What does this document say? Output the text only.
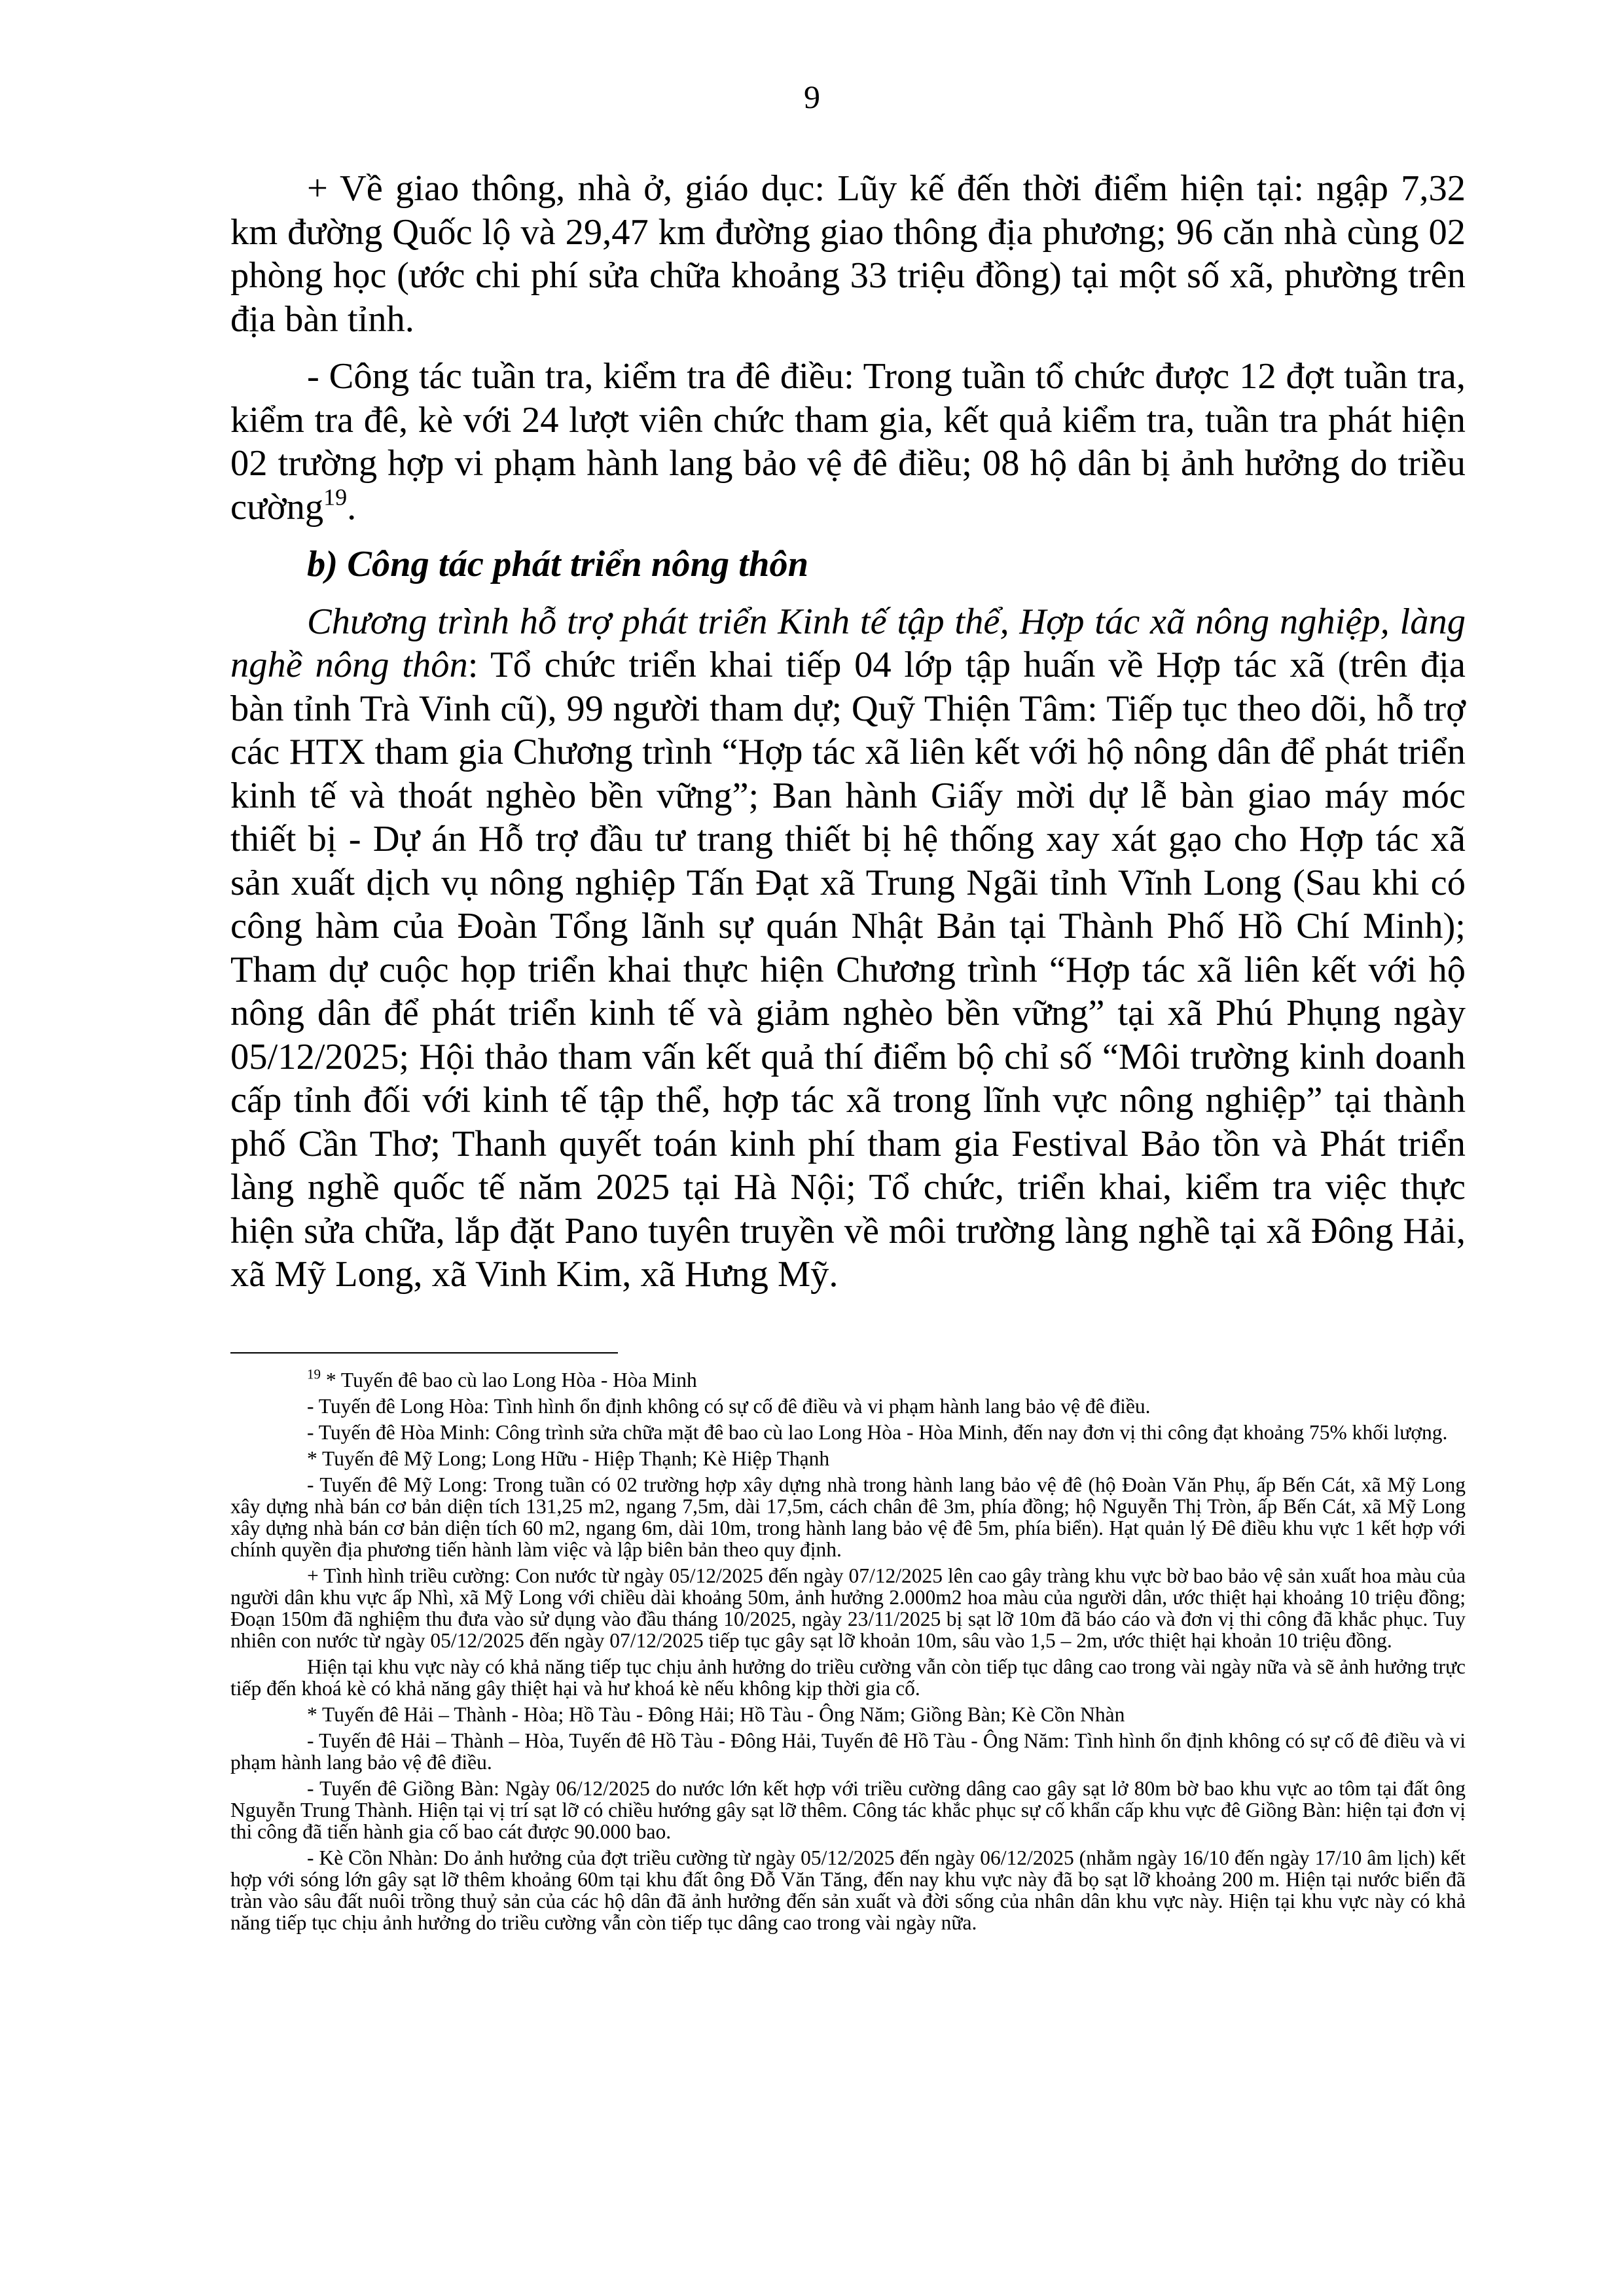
9

+ Về giao thông, nhà ở, giáo dục: Lũy kế đến thời điểm hiện tại: ngập 7,32 km đường Quốc lộ và 29,47 km đường giao thông địa phương; 96 căn nhà cùng 02 phòng học (ước chi phí sửa chữa khoảng 33 triệu đồng) tại một số xã, phường trên địa bàn tỉnh.

- Công tác tuần tra, kiểm tra đê điều: Trong tuần tổ chức được 12 đợt tuần tra, kiểm tra đê, kè với 24 lượt viên chức tham gia, kết quả kiểm tra, tuần tra phát hiện 02 trường hợp vi phạm hành lang bảo vệ đê điều; 08 hộ dân bị ảnh hưởng do triều cường$^{19}$.

b) Công tác phát triển nông thôn

Chương trình hỗ trợ phát triển Kinh tế tập thể, Hợp tác xã nông nghiệp, làng nghề nông thôn: Tổ chức triển khai tiếp 04 lớp tập huấn về Hợp tác xã (trên địa bàn tỉnh Trà Vinh cũ), 99 người tham dự; Quỹ Thiện Tâm: Tiếp tục theo dõi, hỗ trợ các HTX tham gia Chương trình “Hợp tác xã liên kết với hộ nông dân để phát triển kinh tế và thoát nghèo bền vững”; Ban hành Giấy mời dự lễ bàn giao máy móc thiết bị - Dự án Hỗ trợ đầu tư trang thiết bị hệ thống xay xát gạo cho Hợp tác xã sản xuất dịch vụ nông nghiệp Tấn Đạt xã Trung Ngãi tỉnh Vĩnh Long (Sau khi có công hàm của Đoàn Tổng lãnh sự quán Nhật Bản tại Thành Phố Hồ Chí Minh); Tham dự cuộc họp triển khai thực hiện Chương trình “Hợp tác xã liên kết với hộ nông dân để phát triển kinh tế và giảm nghèo bền vững” tại xã Phú Phụng ngày 05/12/2025; Hội thảo tham vấn kết quả thí điểm bộ chỉ số “Môi trường kinh doanh cấp tỉnh đối với kinh tế tập thể, hợp tác xã trong lĩnh vực nông nghiệp” tại thành phố Cần Thơ; Thanh quyết toán kinh phí tham gia Festival Bảo tồn và Phát triển làng nghề quốc tế năm 2025 tại Hà Nội; Tổ chức, triển khai, kiểm tra việc thực hiện sửa chữa, lắp đặt Pano tuyên truyền về môi trường làng nghề tại xã Đông Hải, xã Mỹ Long, xã Vinh Kim, xã Hưng Mỹ.

$^{19}$ * Tuyến đê bao cù lao Long Hòa - Hòa Minh

- Tuyến đê Long Hòa: Tình hình ổn định không có sự cố đê điều và vi phạm hành lang bảo vệ đê điều.

- Tuyến đê Hòa Minh: Công trình sửa chữa mặt đê bao cù lao Long Hòa - Hòa Minh, đến nay đơn vị thi công đạt khoảng 75% khối lượng.

* Tuyến đê Mỹ Long; Long Hữu - Hiệp Thạnh; Kè Hiệp Thạnh

- Tuyến đê Mỹ Long: Trong tuần có 02 trường hợp xây dựng nhà trong hành lang bảo vệ đê (hộ Đoàn Văn Phụ, ấp Bến Cát, xã Mỹ Long xây dựng nhà bán cơ bản diện tích 131,25 m2, ngang 7,5m, dài 17,5m, cách chân đê 3m, phía đồng; hộ Nguyễn Thị Tròn, ấp Bến Cát, xã Mỹ Long xây dựng nhà bán cơ bản diện tích 60 m2, ngang 6m, dài 10m, trong hành lang bảo vệ đê 5m, phía biển). Hạt quản lý Đê điều khu vực 1 kết hợp với chính quyền địa phương tiến hành làm việc và lập biên bản theo quy định.

+ Tình hình triều cường: Con nước từ ngày 05/12/2025 đến ngày 07/12/2025 lên cao gây tràng khu vực bờ bao bảo vệ sản xuất hoa màu của người dân khu vực ấp Nhì, xã Mỹ Long với chiều dài khoảng 50m, ảnh hưởng 2.000m2 hoa màu của người dân, ước thiệt hại khoảng 10 triệu đồng; Đoạn 150m đã nghiệm thu đưa vào sử dụng vào đầu tháng 10/2025, ngày 23/11/2025 bị sạt lỡ 10m đã báo cáo và đơn vị thi công đã khắc phục. Tuy nhiên con nước từ ngày 05/12/2025 đến ngày 07/12/2025 tiếp tục gây sạt lỡ khoản 10m, sâu vào 1,5 – 2m, ước thiệt hại khoản 10 triệu đồng.

Hiện tại khu vực này có khả năng tiếp tục chịu ảnh hưởng do triều cường vẫn còn tiếp tục dâng cao trong vài ngày nữa và sẽ ảnh hưởng trực tiếp đến khoá kè có khả năng gây thiệt hại và hư khoá kè nếu không kịp thời gia cố.

* Tuyến đê Hải – Thành - Hòa; Hồ Tàu - Đông Hải; Hồ Tàu - Ông Năm; Giồng Bàn; Kè Cồn Nhàn

- Tuyến đê Hải – Thành – Hòa, Tuyến đê Hồ Tàu - Đông Hải, Tuyến đê Hồ Tàu - Ông Năm: Tình hình ổn định không có sự cố đê điều và vi phạm hành lang bảo vệ đê điều.

- Tuyến đê Giồng Bàn: Ngày 06/12/2025 do nước lớn kết hợp với triều cường dâng cao gây sạt lở 80m bờ bao khu vực ao tôm tại đất ông Nguyễn Trung Thành. Hiện tại vị trí sạt lỡ có chiều hướng gây sạt lỡ thêm. Công tác khắc phục sự cố khẩn cấp khu vực đê Giồng Bàn: hiện tại đơn vị thi công đã tiến hành gia cố bao cát được 90.000 bao.

- Kè Cồn Nhàn: Do ảnh hưởng của đợt triều cường từ ngày 05/12/2025 đến ngày 06/12/2025 (nhằm ngày 16/10 đến ngày 17/10 âm lịch) kết hợp với sóng lớn gây sạt lỡ thêm khoảng 60m tại khu đất ông Đỗ Văn Tăng, đến nay khu vực này đã bọ sạt lỡ khoảng 200 m. Hiện tại nước biển đã tràn vào sâu đất nuôi trồng thuỷ sản của các hộ dân đã ảnh hưởng đến sản xuất và đời sống của nhân dân khu vực này. Hiện tại khu vực này có khả năng tiếp tục chịu ảnh hưởng do triều cường vẫn còn tiếp tục dâng cao trong vài ngày nữa.
